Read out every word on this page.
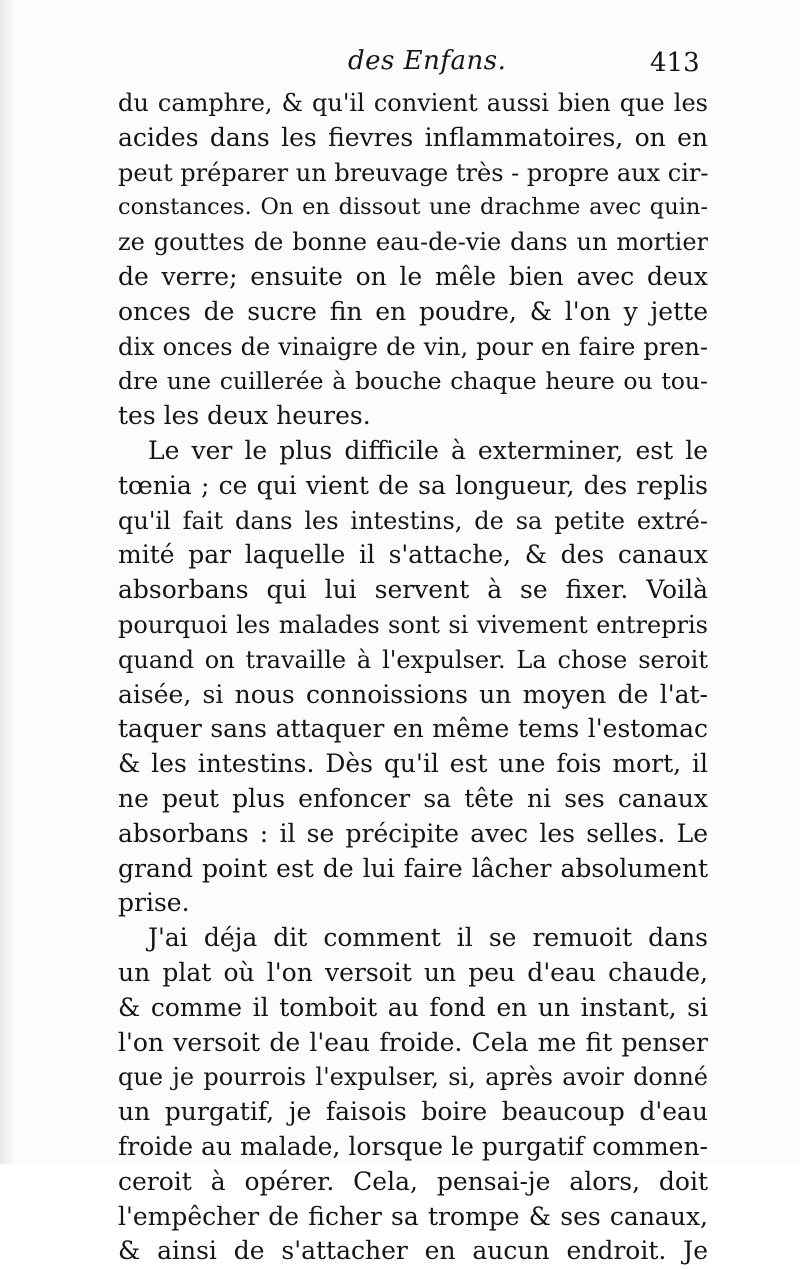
des Enfans.	413
du camphre, & qu'il convient aussi bien que les
acides dans les fievres inflammatoires, on en
peut préparer un breuvage très - propre aux cir-
constances. On en dissout une drachme avec quin-
ze gouttes de bonne eau-de-vie dans un mortier
de verre; ensuite on le mêle bien avec deux
onces de sucre fin en poudre, & l'on y jette
dix onces de vinaigre de vin, pour en faire pren-
dre une cuillerée à bouche chaque heure ou tou-
tes les deux heures.
Le ver le plus difficile à exterminer, est le
tœnia ; ce qui vient de sa longueur, des replis
qu'il fait dans les intestins, de sa petite extré-
mité par laquelle il s'attache, & des canaux
absorbans qui lui servent à se fixer. Voilà
pourquoi les malades sont si vivement entrepris
quand on travaille à l'expulser. La chose seroit
aisée, si nous connoissions un moyen de l'at-
taquer sans attaquer en même tems l'estomac
& les intestins. Dès qu'il est une fois mort, il
ne peut plus enfoncer sa tête ni ses canaux
absorbans : il se précipite avec les selles. Le
grand point est de lui faire lâcher absolument
prise.
J'ai déja dit comment il se remuoit dans
un plat où l'on versoit un peu d'eau chaude,
& comme il tomboit au fond en un instant, si
l'on versoit de l'eau froide. Cela me fit penser
que je pourrois l'expulser, si, après avoir donné
un purgatif, je faisois boire beaucoup d'eau
froide au malade, lorsque le purgatif commen-
ceroit à opérer. Cela, pensai-je alors, doit
l'empêcher de ficher sa trompe & ses canaux,
& ainsi de s'attacher en aucun endroit. Je
